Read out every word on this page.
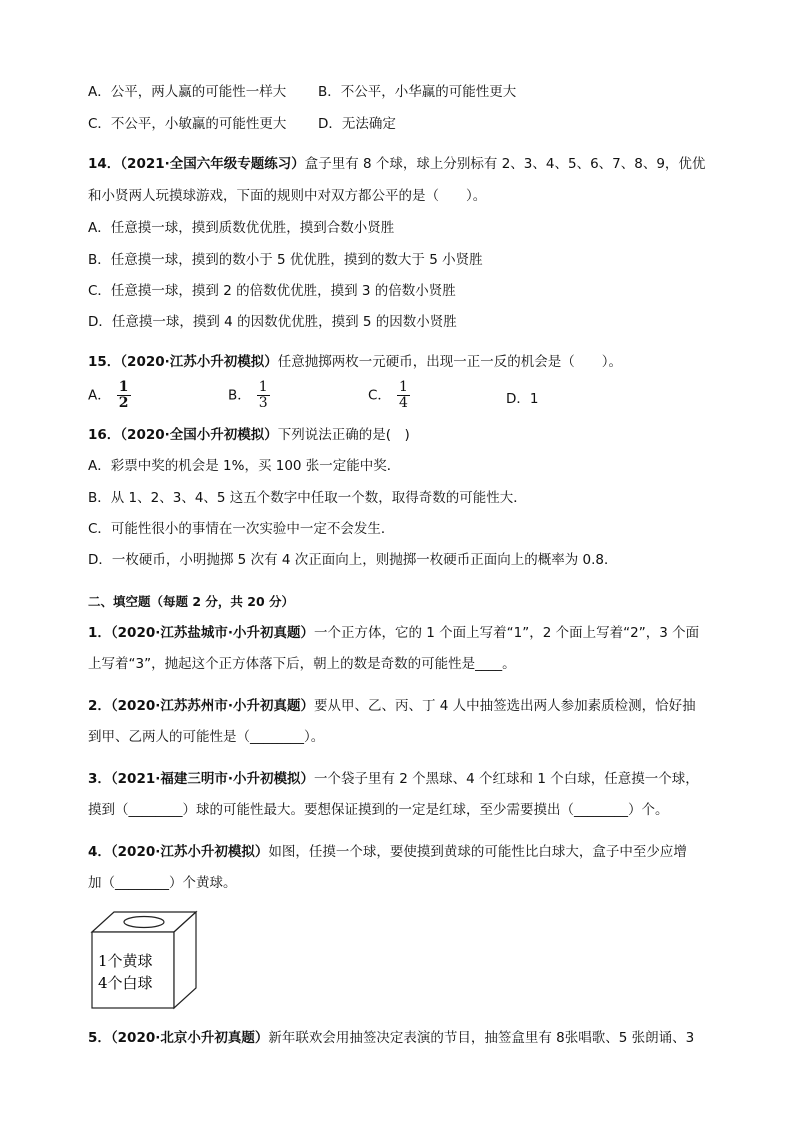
A．公平，两人赢的可能性一样大 B．不公平，小华赢的可能性更大
C．不公平，小敏赢的可能性更大 D．无法确定
14．（2021·全国六年级专题练习）盒子里有 8 个球，球上分别标有 2、3、4、5、6、7、8、9，优优
和小贤两人玩摸球游戏，下面的规则中对双方都公平的是（　　）。
A．任意摸一球，摸到质数优优胜，摸到合数小贤胜
B．任意摸一球，摸到的数小于 5 优优胜，摸到的数大于 5 小贤胜
C．任意摸一球，摸到 2 的倍数优优胜，摸到 3 的倍数小贤胜
D．任意摸一球，摸到 4 的因数优优胜，摸到 5 的因数小贤胜
15．（2020·江苏小升初模拟）任意抛掷两枚一元硬币，出现一正一反的机会是（　　）。
A． $\frac{1}{2}$	B． $\frac{1}{3}$	C． $\frac{1}{4}$	D．1
16．（2020·全国小升初模拟）下列说法正确的是(　)
A．彩票中奖的机会是 1%，买 100 张一定能中奖．
B．从 1、2、3、4、5 这五个数字中任取一个数，取得奇数的可能性大．
C．可能性很小的事情在一次实验中一定不会发生．
D．一枚硬币，小明抛掷 5 次有 4 次正面向上，则抛掷一枚硬币正面向上的概率为 0.8．
二、填空题（每题 2 分，共 20 分）
1．（2020·江苏盐城市·小升初真题）一个正方体，它的 1 个面上写着“1”，2 个面上写着“2”，3 个面
上写着“3”，抛起这个正方体落下后，朝上的数是奇数的可能性是____。
2．（2020·江苏苏州市·小升初真题）要从甲、乙、丙、丁 4 人中抽签选出两人参加素质检测，恰好抽
到甲、乙两人的可能性是（________）。
3．（2021·福建三明市·小升初模拟）一个袋子里有 2 个黑球、4 个红球和 1 个白球，任意摸一个球，
摸到（________）球的可能性最大。要想保证摸到的一定是红球，至少需要摸出（________）个。
4．（2020·江苏小升初模拟）如图，任摸一个球，要使摸到黄球的可能性比白球大，盒子中至少应增
加（________）个黄球。
1个黄球
4个白球
5．（2020·北京小升初真题）新年联欢会用抽签决定表演的节目，抽签盒里有 8张唱歌、5 张朗诵、3
